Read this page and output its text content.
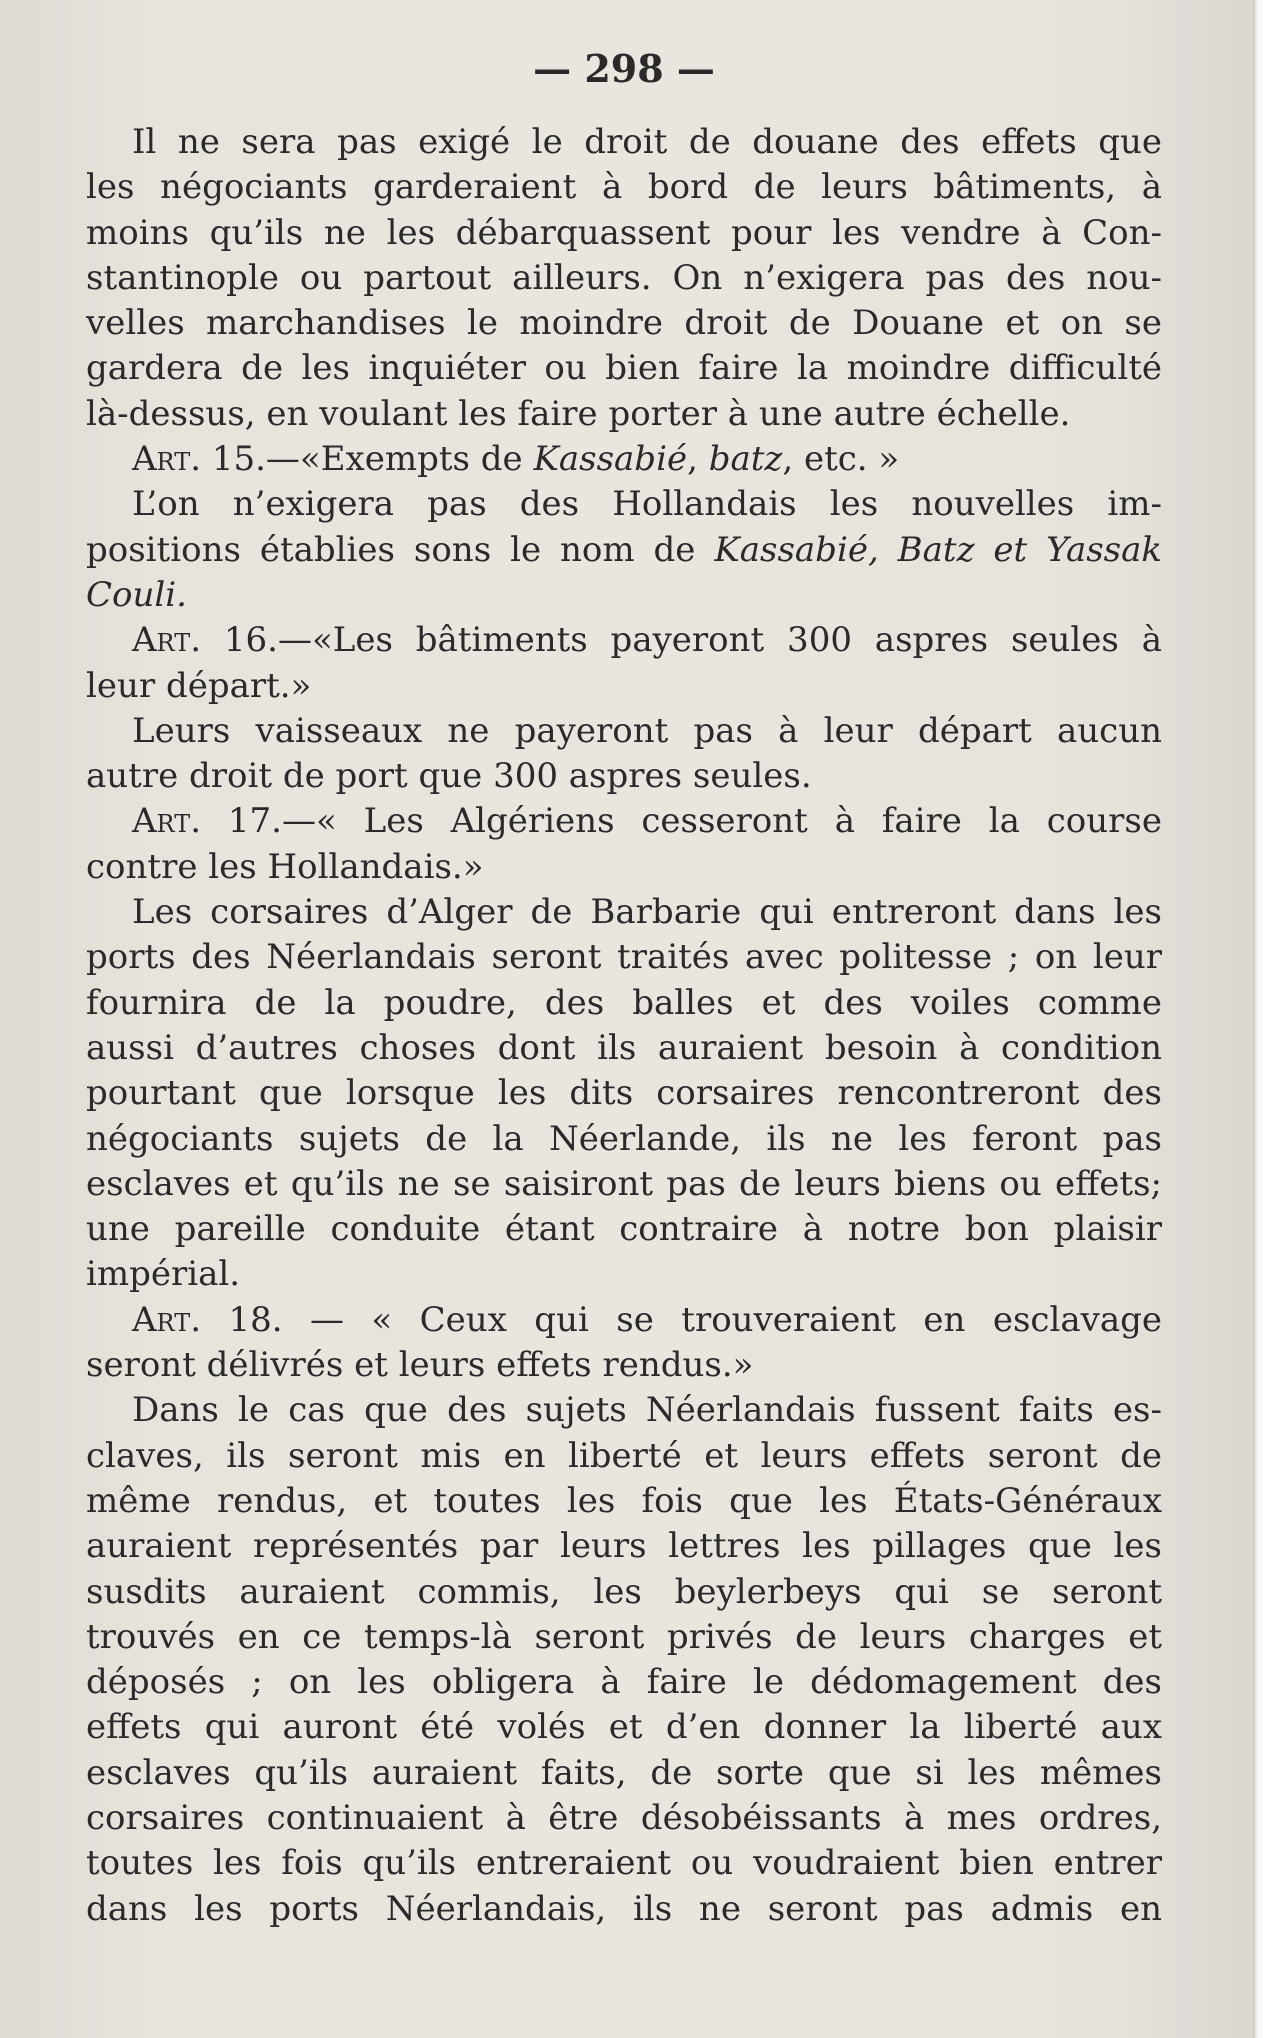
— 298 —
Il ne sera pas exigé le droit de douane des effets que
les négociants garderaient à bord de leurs bâtiments, à
moins qu’ils ne les débarquassent pour les vendre à Con-
stantinople ou partout ailleurs. On n’exigera pas des nou-
velles marchandises le moindre droit de Douane et on se
gardera de les inquiéter ou bien faire la moindre difficulté
là-dessus, en voulant les faire porter à une autre échelle.
Art. 15.—«Exempts de Kassabié, batz, etc. »
L’on n’exigera pas des Hollandais les nouvelles im-
positions établies sons le nom de Kassabié, Batz et Yassak
Couli.
Art. 16.—«Les bâtiments payeront 300 aspres seules à
leur départ.»
Leurs vaisseaux ne payeront pas à leur départ aucun
autre droit de port que 300 aspres seules.
Art. 17.—« Les Algériens cesseront à faire la course
contre les Hollandais.»
Les corsaires d’Alger de Barbarie qui entreront dans les
ports des Néerlandais seront traités avec politesse ; on leur
fournira de la poudre, des balles et des voiles comme
aussi d’autres choses dont ils auraient besoin à condition
pourtant que lorsque les dits corsaires rencontreront des
négociants sujets de la Néerlande, ils ne les feront pas
esclaves et qu’ils ne se saisiront pas de leurs biens ou effets;
une pareille conduite étant contraire à notre bon plaisir
impérial.
Art. 18. — « Ceux qui se trouveraient en esclavage
seront délivrés et leurs effets rendus.»
Dans le cas que des sujets Néerlandais fussent faits es-
claves, ils seront mis en liberté et leurs effets seront de
même rendus, et toutes les fois que les États-Généraux
auraient représentés par leurs lettres les pillages que les
susdits auraient commis, les beylerbeys qui se seront
trouvés en ce temps-là seront privés de leurs charges et
déposés ; on les obligera à faire le dédomagement des
effets qui auront été volés et d’en donner la liberté aux
esclaves qu’ils auraient faits, de sorte que si les mêmes
corsaires continuaient à être désobéissants à mes ordres,
toutes les fois qu’ils entreraient ou voudraient bien entrer
dans les ports Néerlandais, ils ne seront pas admis en
